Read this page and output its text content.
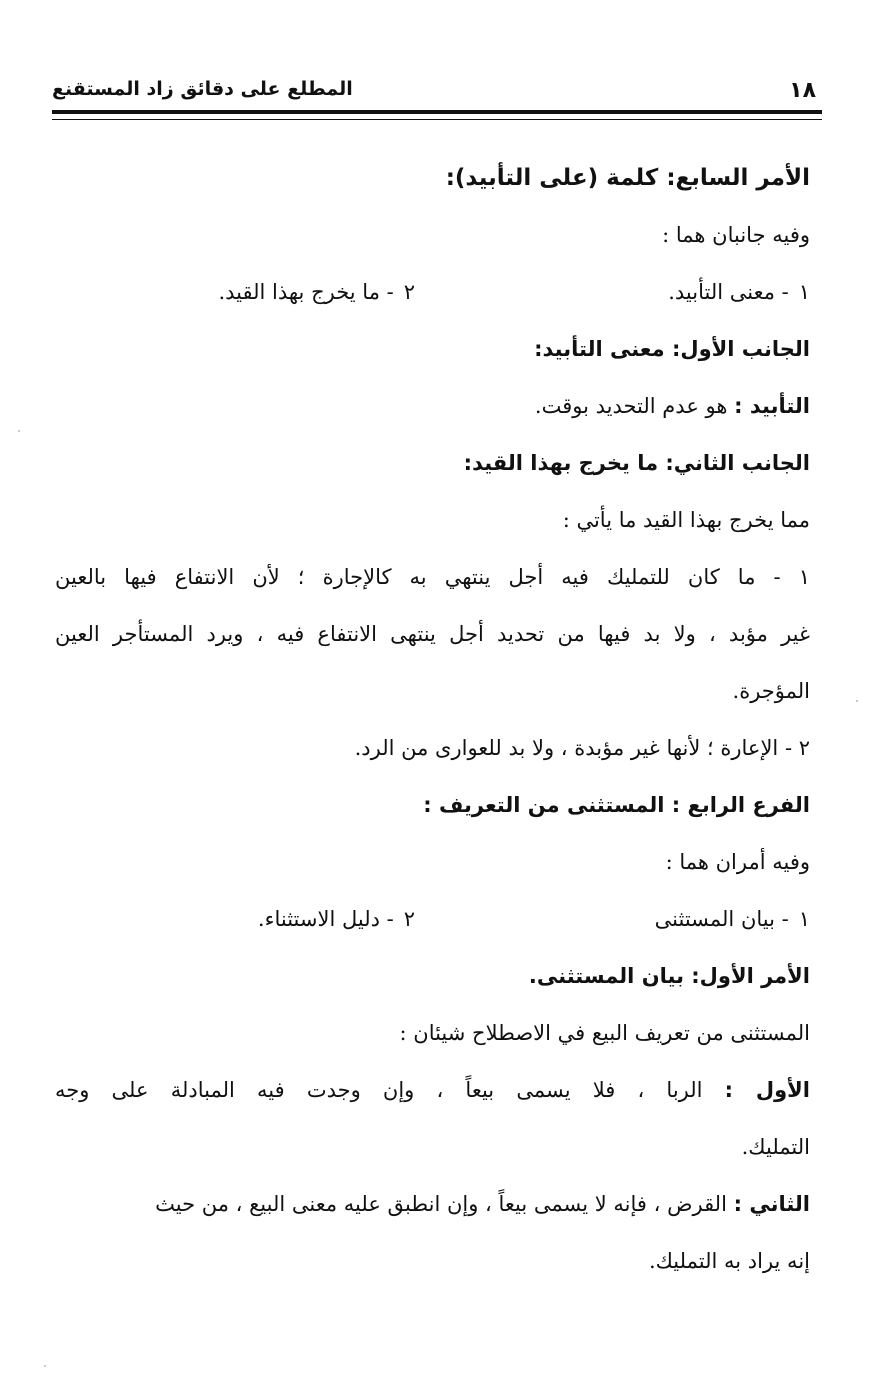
المطلع على دقائق زاد المستقنع	١٨
الأمر السابع: كلمة (على التأبيد):
وفيه جانبان هما :
١- معنى التأبيد.٢- ما يخرج بهذا القيد.
الجانب الأول: معنى التأبيد:
التأبيد : هو عدم التحديد بوقت.
الجانب الثاني: ما يخرج بهذا القيد:
مما يخرج بهذا القيد ما يأتي :
١ - ما كان للتمليك فيه أجل ينتهي به كالإجارة ؛ لأن الانتفاع فيها بالعين
غير مؤبد ، ولا بد فيها من تحديد أجل ينتهى الانتفاع فيه ، ويرد المستأجر العين
المؤجرة.
٢ - الإعارة ؛ لأنها غير مؤبدة ، ولا بد للعوارى من الرد.
الفرع الرابع : المستثنى من التعريف :
وفيه أمران هما :
١- بيان المستثنى٢- دليل الاستثناء.
الأمر الأول: بيان المستثنى.
المستثنى من تعريف البيع في الاصطلاح شيئان :
الأول : الربا ، فلا يسمى بيعاً ، وإن وجدت فيه المبادلة على وجه
التمليك.
الثاني : القرض ، فإنه لا يسمى بيعاً ، وإن انطبق عليه معنى البيع ، من حيث
إنه يراد به التمليك.
